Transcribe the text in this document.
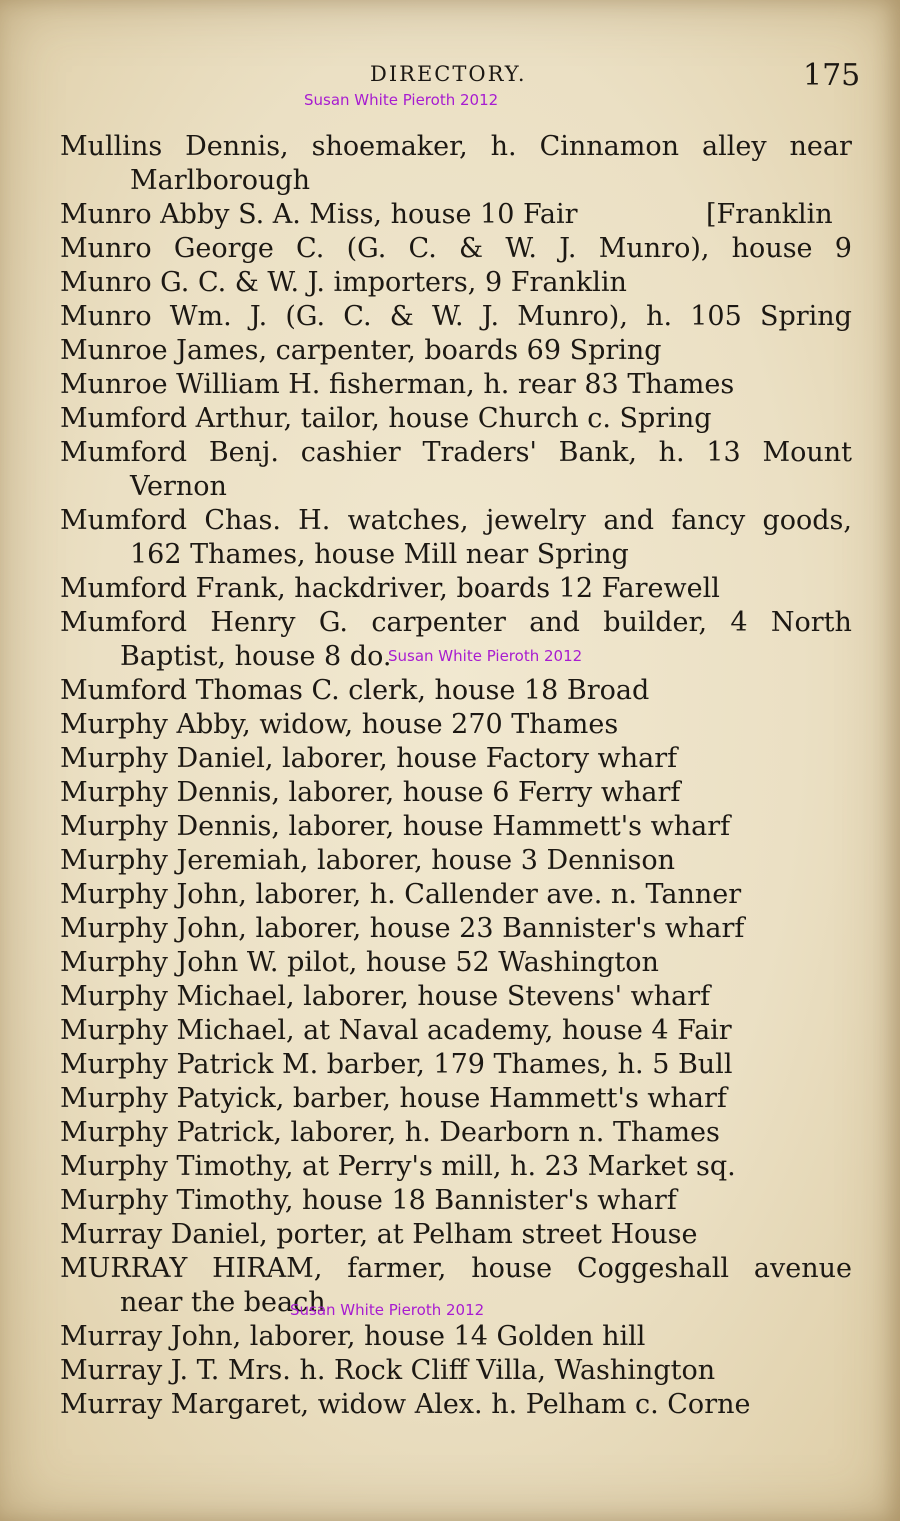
DIRECTORY.	175
Susan White Pieroth 2012
Susan White Pieroth 2012
Susan White Pieroth 2012
Mullins Dennis, shoemaker, h. Cinnamon alley near
Marlborough
Munro Abby S. A. Miss, house 10 Fair	[Franklin
Munro George C. (G. C. & W. J. Munro), house 9
Munro G. C. & W. J. importers, 9 Franklin
Munro Wm. J. (G. C. & W. J. Munro), h. 105 Spring
Munroe James, carpenter, boards 69 Spring
Munroe William H. fisherman, h. rear 83 Thames
Mumford Arthur, tailor, house Church c. Spring
Mumford Benj. cashier Traders' Bank, h. 13 Mount
Vernon
Mumford Chas. H. watches, jewelry and fancy goods,
162 Thames, house Mill near Spring
Mumford Frank, hackdriver, boards 12 Farewell
Mumford Henry G. carpenter and builder, 4 North
Baptist, house 8 do.
Mumford Thomas C. clerk, house 18 Broad
Murphy Abby, widow, house 270 Thames
Murphy Daniel, laborer, house Factory wharf
Murphy Dennis, laborer, house 6 Ferry wharf
Murphy Dennis, laborer, house Hammett's wharf
Murphy Jeremiah, laborer, house 3 Dennison
Murphy John, laborer, h. Callender ave. n. Tanner
Murphy John, laborer, house 23 Bannister's wharf
Murphy John W. pilot, house 52 Washington
Murphy Michael, laborer, house Stevens' wharf
Murphy Michael, at Naval academy, house 4 Fair
Murphy Patrick M. barber, 179 Thames, h. 5 Bull
Murphy Patyick, barber, house Hammett's wharf
Murphy Patrick, laborer, h. Dearborn n. Thames
Murphy Timothy, at Perry's mill, h. 23 Market sq.
Murphy Timothy, house 18 Bannister's wharf
Murray Daniel, porter, at Pelham street House
MURRAY HIRAM, farmer, house Coggeshall avenue
near the beach
Murray John, laborer, house 14 Golden hill
Murray J. T. Mrs. h. Rock Cliff Villa, Washington
Murray Margaret, widow Alex. h. Pelham c. Corne
